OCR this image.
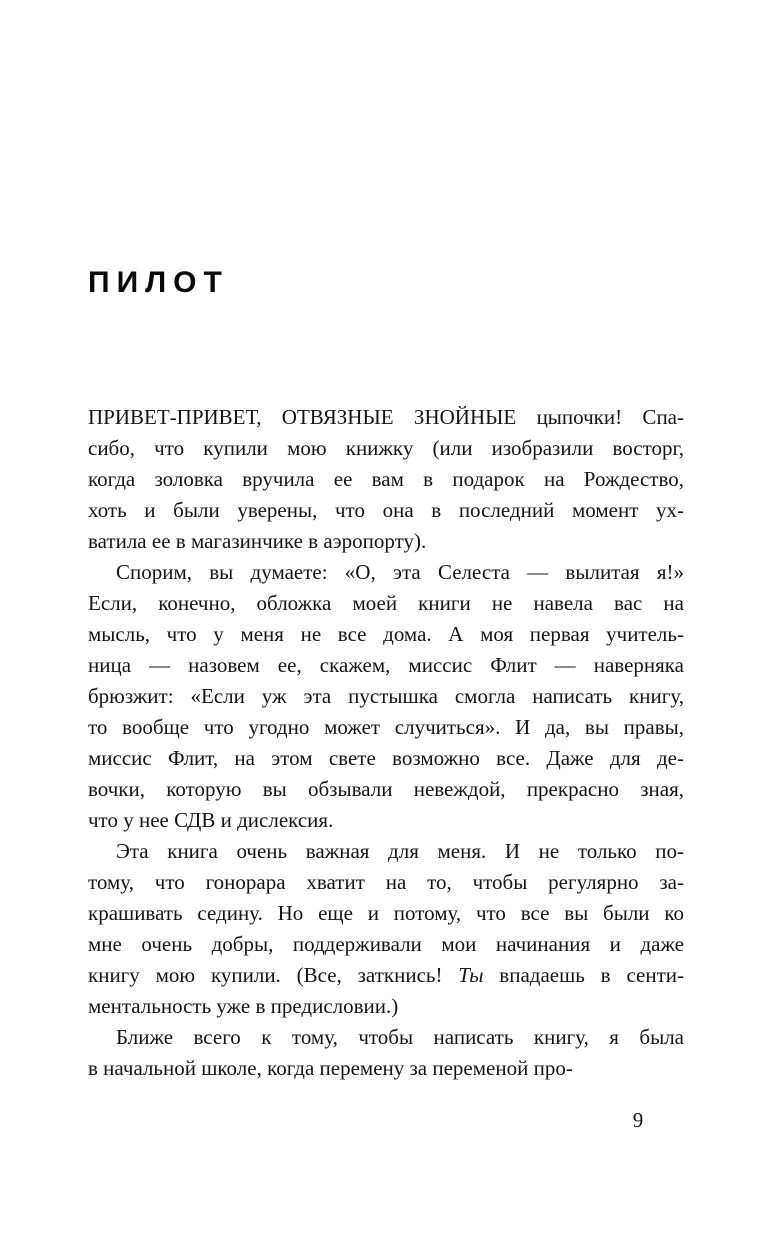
ПИЛОТ
ПРИВЕТ-ПРИВЕТ, ОТВЯЗНЫЕ ЗНОЙНЫЕ цыпочки! Спа-
сибо, что купили мою книжку (или изобразили восторг,
когда золовка вручила ее вам в подарок на Рождество,
хоть и были уверены, что она в последний момент ух-
ватила ее в магазинчике в аэропорту).
Спорим, вы думаете: «О, эта Селеста — вылитая я!»
Если, конечно, обложка моей книги не навела вас на
мысль, что у меня не все дома. А моя первая учитель-
ница — назовем ее, скажем, миссис Флит — наверняка
брюзжит: «Если уж эта пустышка смогла написать книгу,
то вообще что угодно может случиться». И да, вы правы,
миссис Флит, на этом свете возможно все. Даже для де-
вочки, которую вы обзывали невеждой, прекрасно зная,
что у нее СДВ и дислексия.
Эта книга очень важная для меня. И не только по-
тому, что гонорара хватит на то, чтобы регулярно за-
крашивать седину. Но еще и потому, что все вы были ко
мне очень добры, поддерживали мои начинания и даже
книгу мою купили. (Все, заткнись! Ты впадаешь в сенти-
ментальность уже в предисловии.)
Ближе всего к тому, чтобы написать книгу, я была
в начальной школе, когда перемену за переменой про-
9
